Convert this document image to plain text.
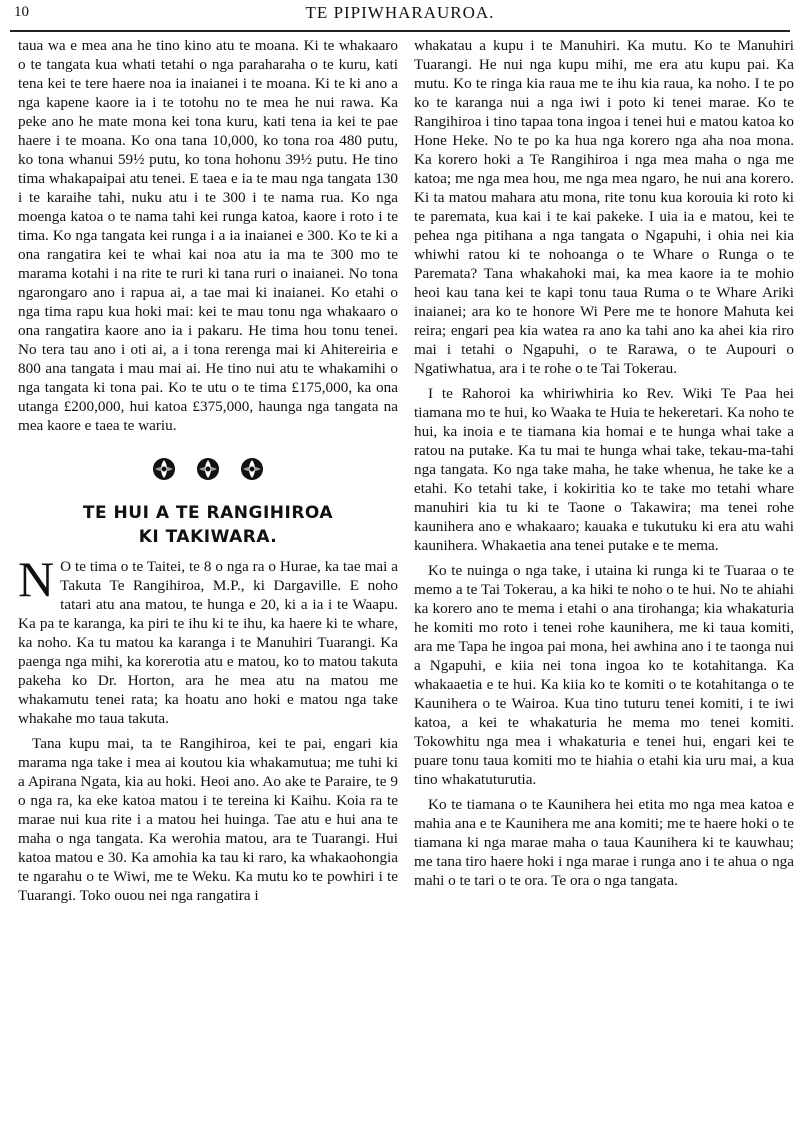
10	TE PIPIWHARAUROA.

taua wa e mea ana he tino kino atu te moana. Ki te whakaaro o te tangata kua whati tetahi o nga paraharaha o te kuru, kati tena kei te tere haere noa ia inaianei i te moana. Ki te ki ano a nga kapene kaore ia i te totohu no te mea he nui rawa. Ka peke ano he mate mona kei tona kuru, kati tena ia kei te pae haere i te moana. Ko ona tana 10,000, ko tona roa 480 putu, ko tona whanui 59½ putu, ko tona hohonu 39½ putu. He tino tima whakapaipai atu tenei. E taea e ia te mau nga tangata 130 i te karaihe tahi, nuku atu i te 300 i te nama rua. Ko nga moenga katoa o te nama tahi kei runga katoa, kaore i roto i te tima. Ko nga tangata kei runga i a ia inaianei e 300. Ko te ki a ona rangatira kei te whai kai noa atu ia ma te 300 mo te marama kotahi i na rite te ruri ki tana ruri o inaianei. No tona ngarongaro ano i rapua ai, a tae mai ki inaianei. Ko etahi o nga tima rapu kua hoki mai: kei te mau tonu nga whakaaro o ona rangatira kaore ano ia i pakaru. He tima hou tonu tenei. No tera tau ano i oti ai, a i tona rerenga mai ki Ahitereiria e 800 ana tangata i mau mai ai. He tino nui atu te whakamihi o nga tangata ki tona pai. Ko te utu o te tima £175,000, ka ona utanga £200,000, hui katoa £375,000, haunga nga tangata na mea kaore e taea te wariu.

TE HUI A TE RANGIHIROA
KI TAKIWARA.

N O te tima o te Taitei, te 8 o nga ra o Hurae, ka tae mai a Takuta Te Rangihiroa, M.P., ki Dargaville. E noho tatari atu ana matou, te hunga e 20, ki a ia i te Waapu. Ka pa te karanga, ka piri te ihu ki te ihu, ka haere ki te whare, ka noho. Ka tu matou ka karanga i te Manuhiri Tuarangi. Ka paenga nga mihi, ka korerotia atu e matou, ko to matou takuta pakeha ko Dr. Horton, ara he mea atu na matou me whakamutu tenei rata; ka hoatu ano hoki e matou nga take whakahe mo taua takuta.

Tana kupu mai, ta te Rangihiroa, kei te pai, engari kia marama nga take i mea ai koutou kia whakamutua; me tuhi ki a Apirana Ngata, kia au hoki. Heoi ano. Ao ake te Paraire, te 9 o nga ra, ka eke katoa matou i te tereina ki Kaihu. Koia ra te marae nui kua rite i a matou hei huinga. Tae atu e hui ana te maha o nga tangata. Ka werohia matou, ara te Tuarangi. Hui katoa matou e 30. Ka amohia ka tau ki raro, ka whakaohongia te ngarahu o te Wiwi, me te Weku. Ka mutu ko te powhiri i te Tuarangi. Toko ouou nei nga rangatira i

whakatau a kupu i te Manuhiri. Ka mutu. Ko te Manuhiri Tuarangi. He nui nga kupu mihi, me era atu kupu pai. Ka mutu. Ko te ringa kia raua me te ihu kia raua, ka noho. I te po ko te karanga nui a nga iwi i poto ki tenei marae. Ko te Rangihiroa i tino tapaa tona ingoa i tenei hui e matou katoa ko Hone Heke. No te po ka hua nga korero nga aha noa mona. Ka korero hoki a Te Rangihiroa i nga mea maha o nga me katoa; me nga mea hou, me nga mea ngaro, he nui ana korero. Ki ta matou mahara atu mona, rite tonu kua korouia ki roto ki te paremata, kua kai i te kai pakeke. I uia ia e matou, kei te pehea nga pitihana a nga tangata o Ngapuhi, i ohia nei kia whiwhi ratou ki te nohoanga o te Whare o Runga o te Paremata? Tana whakahoki mai, ka mea kaore ia te mohio heoi kau tana kei te kapi tonu taua Ruma o te Whare Ariki inaianei; ara ko te honore Wi Pere me te honore Mahuta kei reira; engari pea kia watea ra ano ka tahi ano ka ahei kia riro mai i tetahi o Ngapuhi, o te Rarawa, o te Aupouri o Ngatiwhatua, ara i te rohe o te Tai Tokerau.

I te Rahoroi ka whiriwhiria ko Rev. Wiki Te Paa hei tiamana mo te hui, ko Waaka te Huia te hekeretari. Ka noho te hui, ka inoia e te tiamana kia homai e te hunga whai take a ratou na putake. Ka tu mai te hunga whai take, tekau-ma-tahi nga tangata. Ko nga take maha, he take whenua, he take ke a etahi. Ko tetahi take, i kokiritia ko te take mo tetahi whare manuhiri kia tu ki te Taone o Takawira; ma tenei rohe kaunihera ano e whakaaro; kauaka e tukutuku ki era atu wahi kaunihera. Whakaetia ana tenei putake e te mema.

Ko te nuinga o nga take, i utaina ki runga ki te Tuaraa o te memo a te Tai Tokerau, a ka hiki te noho o te hui. No te ahiahi ka korero ano te mema i etahi o ana tirohanga; kia whakaturia he komiti mo roto i tenei rohe kaunihera, me ki taua komiti, ara me Tapa he ingoa pai mona, hei awhina ano i te taonga nui a Ngapuhi, e kiia nei tona ingoa ko te kotahitanga. Ka whakaaetia e te hui. Ka kiia ko te komiti o te kotahitanga o te Kaunihera o te Wairoa. Kua tino tuturu tenei komiti, i te iwi katoa, a kei te whakaturia he mema mo tenei komiti. Tokowhitu nga mea i whakaturia e tenei hui, engari kei te puare tonu taua komiti mo te hiahia o etahi kia uru mai, a kua tino whakatuturutia.

Ko te tiamana o te Kaunihera hei etita mo nga mea katoa e mahia ana e te Kaunihera me ana komiti; me te haere hoki o te tiamana ki nga marae maha o taua Kaunihera ki te kauwhau; me tana tiro haere hoki i nga marae i runga ano i te ahua o nga mahi o te tari o te ora. Te ora o nga tangata.
